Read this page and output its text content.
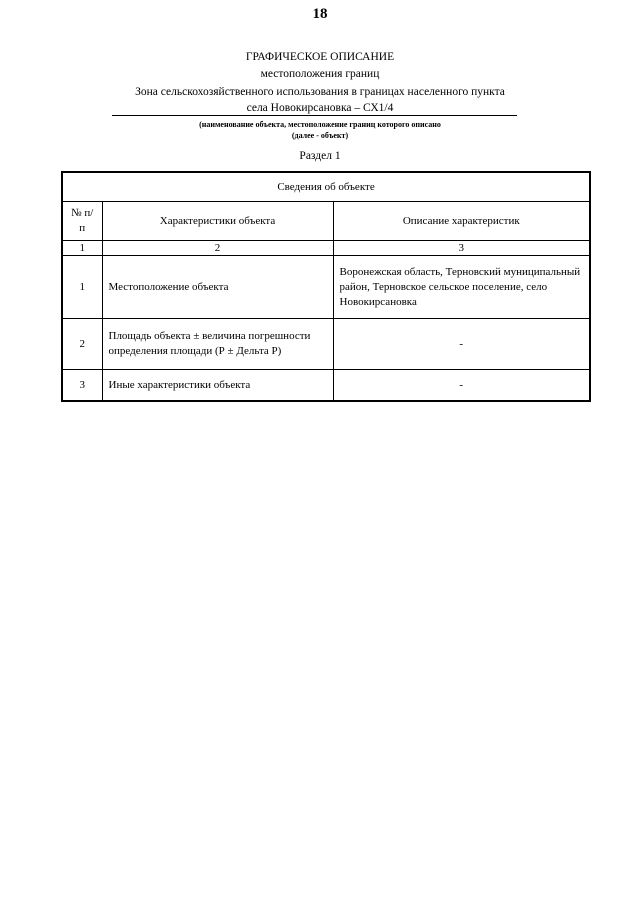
18
ГРАФИЧЕСКОЕ ОПИСАНИЕ
местоположения границ
Зона сельскохозяйственного использования в границах населенного пункта
села Новокирсановка – СХ1/4
(наименование объекта, местоположение границ которого описано
(далее - объект)
Раздел 1
Сведения об объекте		
№ п/п	Характеристики объекта	Описание характеристик
1	2	3
1	Местоположение объекта	Воронежская область, Терновский муниципальный район, Терновское сельское поселение, село Новокирсановка
2	Площадь объекта ± величина погрешности определения площади (Р ± Дельта Р)	-
3	Иные характеристики объекта	-
